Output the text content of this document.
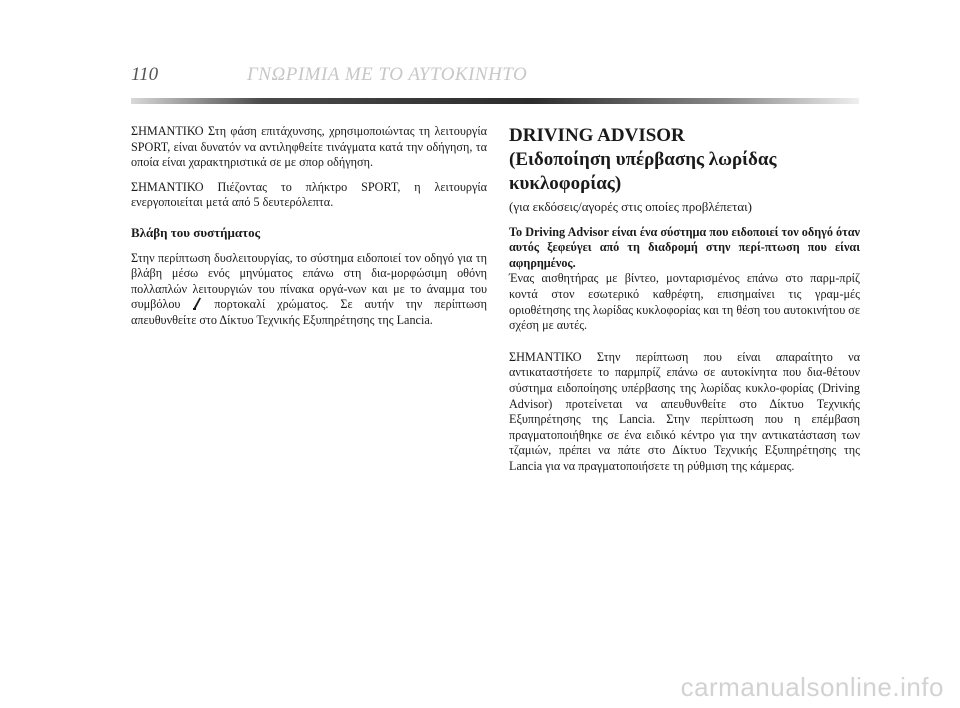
110	ΓΝΩΡΙΜΙΑ ΜΕ ΤΟ ΑΥΤΟΚΙΝΗΤΟ

ΣΗΜΑΝΤΙΚΟ Στη φάση επιτάχυνσης, χρησιμοποιώντας τη λειτουργία SPORT, είναι δυνατόν να αντιληφθείτε τινάγματα κατά την οδήγηση, τα οποία είναι χαρακτηριστικά σε με σπορ οδήγηση.

ΣΗΜΑΝΤΙΚΟ Πιέζοντας το πλήκτρο SPORT, η λειτουργία ενεργοποιείται μετά από 5 δευτερόλεπτα.

Βλάβη του συστήματος

Στην περίπτωση δυσλειτουργίας, το σύστημα ειδοποιεί τον οδηγό για τη βλάβη μέσω ενός μηνύματος επάνω στη δια-μορφώσιμη οθόνη πολλαπλών λειτουργιών του πίνακα οργά-νων και με το άναμμα του συμβόλου	πορτοκαλί χρώματος. Σε αυτήν την περίπτωση απευθυνθείτε στο Δίκτυο Τεχνικής Εξυπηρέτησης της Lancia.

DRIVING ADVISOR
(Ειδοποίηση υπέρβασης λωρίδας κυκλοφορίας)
(για εκδόσεις/αγορές στις οποίες προβλέπεται)

Το Driving Advisor είναι ένα σύστημα που ειδοποιεί τον οδηγό όταν αυτός ξεφεύγει από τη διαδρομή στην περί-πτωση που είναι αφηρημένος.

Ένας αισθητήρας με βίντεο, μονταρισμένος επάνω στο παρμ-πρίζ κοντά στον εσωτερικό καθρέφτη, επισημαίνει τις γραμ-μές οριοθέτησης της λωρίδας κυκλοφορίας και τη θέση του αυτοκινήτου σε σχέση με αυτές.

ΣΗΜΑΝΤΙΚΟ Στην περίπτωση που είναι απαραίτητο να αντικαταστήσετε το παρμπρίζ επάνω σε αυτοκίνητα που δια-θέτουν σύστημα ειδοποίησης υπέρβασης της λωρίδας κυκλο-φορίας (Driving Advisor) προτείνεται να απευθυνθείτε στο Δίκτυο Τεχνικής Εξυπηρέτησης της Lancia. Στην περίπτωση που η επέμβαση πραγματοποιήθηκε σε ένα ειδικό κέντρο για την αντικατάσταση των τζαμιών, πρέπει να πάτε στο Δίκτυο Τεχνικής Εξυπηρέτησης της Lancia για να πραγματοποιήσετε τη ρύθμιση της κάμερας.

carmanualsonline.info
